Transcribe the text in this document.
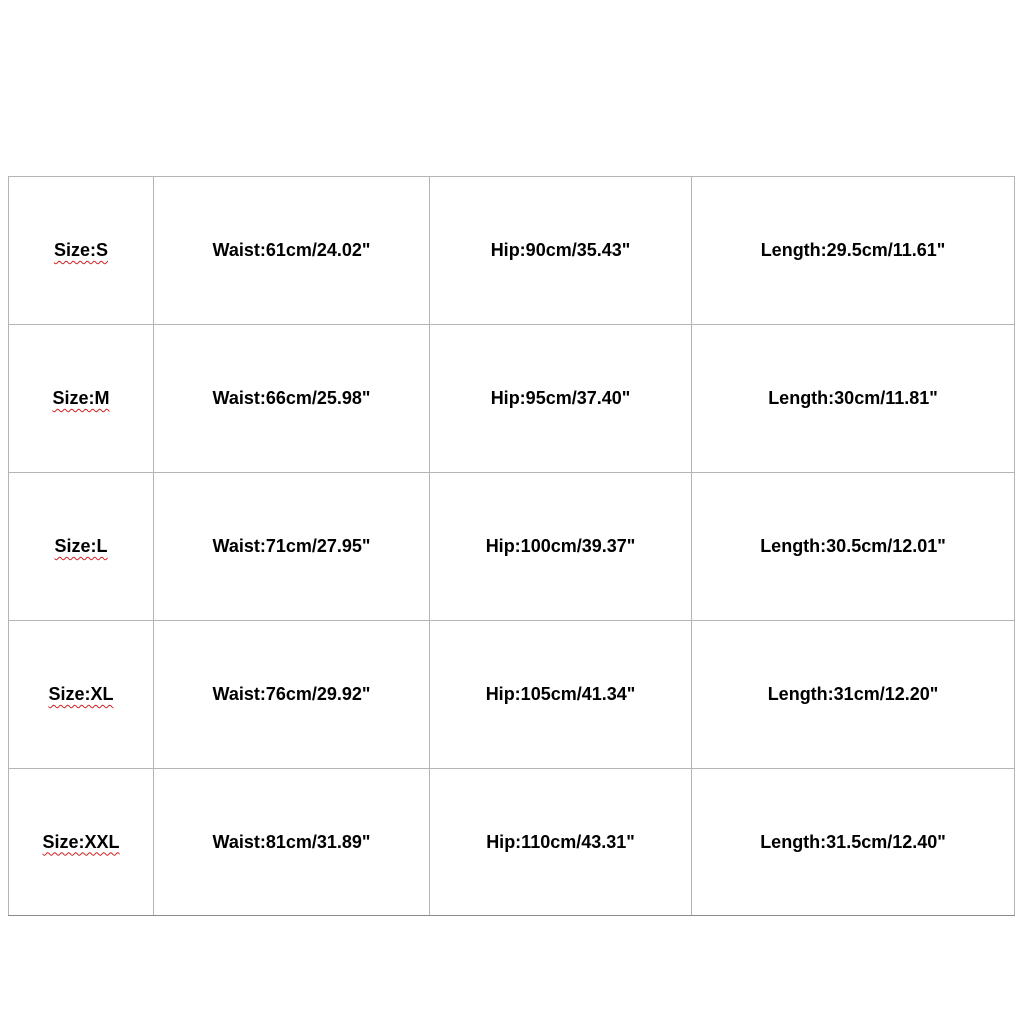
Size:S	Waist:61cm/24.02"	Hip:90cm/35.43"	Length:29.5cm/11.61"
Size:M	Waist:66cm/25.98"	Hip:95cm/37.40"	Length:30cm/11.81"
Size:L	Waist:71cm/27.95"	Hip:100cm/39.37"	Length:30.5cm/12.01"
Size:XL	Waist:76cm/29.92"	Hip:105cm/41.34"	Length:31cm/12.20"
Size:XXL	Waist:81cm/31.89"	Hip:110cm/43.31"	Length:31.5cm/12.40"
